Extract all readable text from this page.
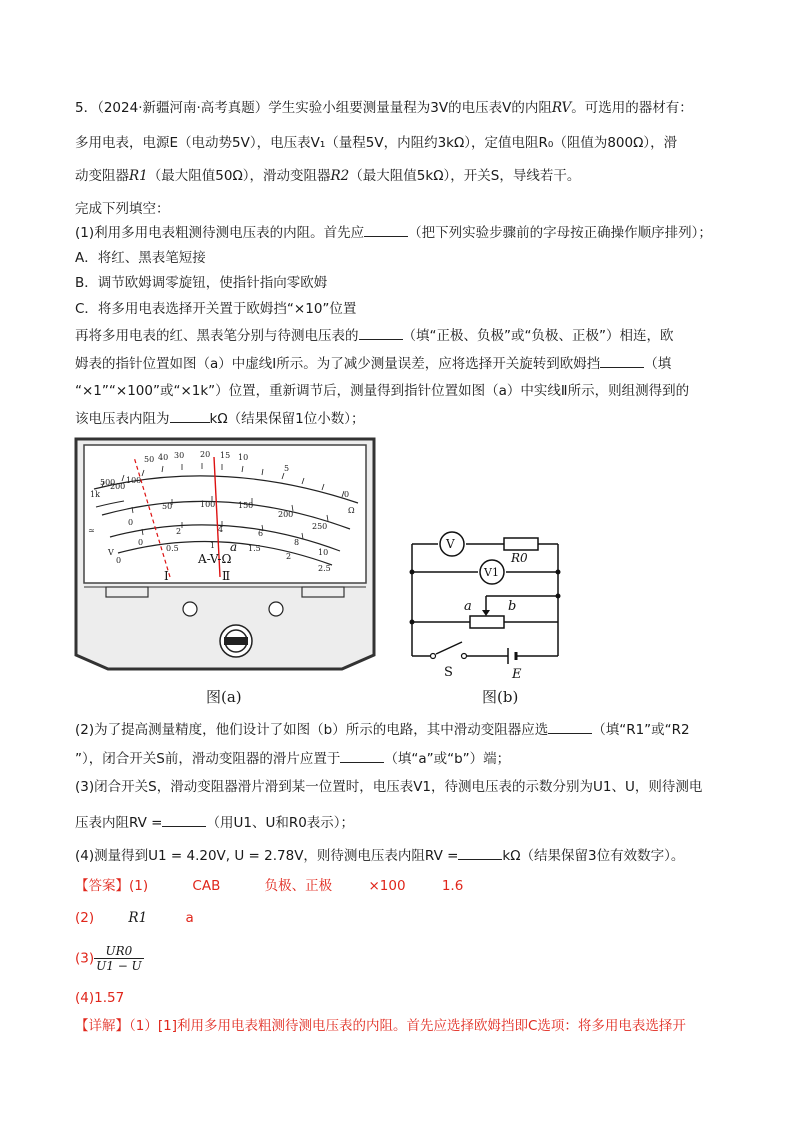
5．（2024·新疆河南·高考真题）学生实验小组要测量量程为3V的电压表V的内阻RV。可选用的器材有：
多用电表，电源E（电动势5V），电压表V₁（量程5V，内阻约3kΩ），定值电阻R₀（阻值为800Ω），滑
动变阻器R1（最大阻值50Ω），滑动变阻器R2（最大阻值5kΩ），开关S，导线若干。
完成下列填空：
(1)利用多用电表粗测待测电压表的内阻。首先应	（把下列实验步骤前的字母按正确操作顺序排列）；
A．将红、黑表笔短接
B．调节欧姆调零旋钮，使指针指向零欧姆
C．将多用电表选择开关置于欧姆挡“×10”位置
再将多用电表的红、黑表笔分别与待测电压表的	（填“正极、负极”或“负极、正极”）相连，欧
姆表的指针位置如图（a）中虚线Ⅰ所示。为了减少测量误差，应将选择开关旋转到欧姆挡	（填
“×1”“×100”或“×1k”）位置，重新调节后，测量得到指针位置如图（a）中实线Ⅱ所示，则组测得到的
该电压表内阻为	kΩ（结果保留1位小数）；
1k
500
200
100
50 40 30 20 15 10
5
0
Ω
0
50	100	150
200
250
0
2	4	6
8
10
0
0.5	1	1.5
2
2.5
≃
V	A-V-Ω
a
Ⅰ	Ⅱ
图(a)
V
R0
V1
a	b
S	E
图(b)
(2)为了提高测量精度，他们设计了如图（b）所示的电路，其中滑动变阻器应选	（填“R1”或“R2
”），闭合开关S前，滑动变阻器的滑片应置于	（填“a”或“b”）端；
(3)闭合开关S，滑动变阻器滑片滑到某一位置时，电压表V1，待测电压表的示数分别为U1、U，则待测电
压表内阻RV =	（用U1、U和R0表示）；
(4)测量得到U1 = 4.20V, U = 2.78V，则待测电压表内阻RV =	kΩ（结果保留3位有效数字）。
【答案】(1)	CAB	负极、正极	×100	1.6
(2)	R1	a
$(3) \frac{UR0}{U1 - U}$
(4)1.57
【详解】（1）[1]利用多用电表粗测待测电压表的内阻。首先应选择欧姆挡即C选项：将多用电表选择开
